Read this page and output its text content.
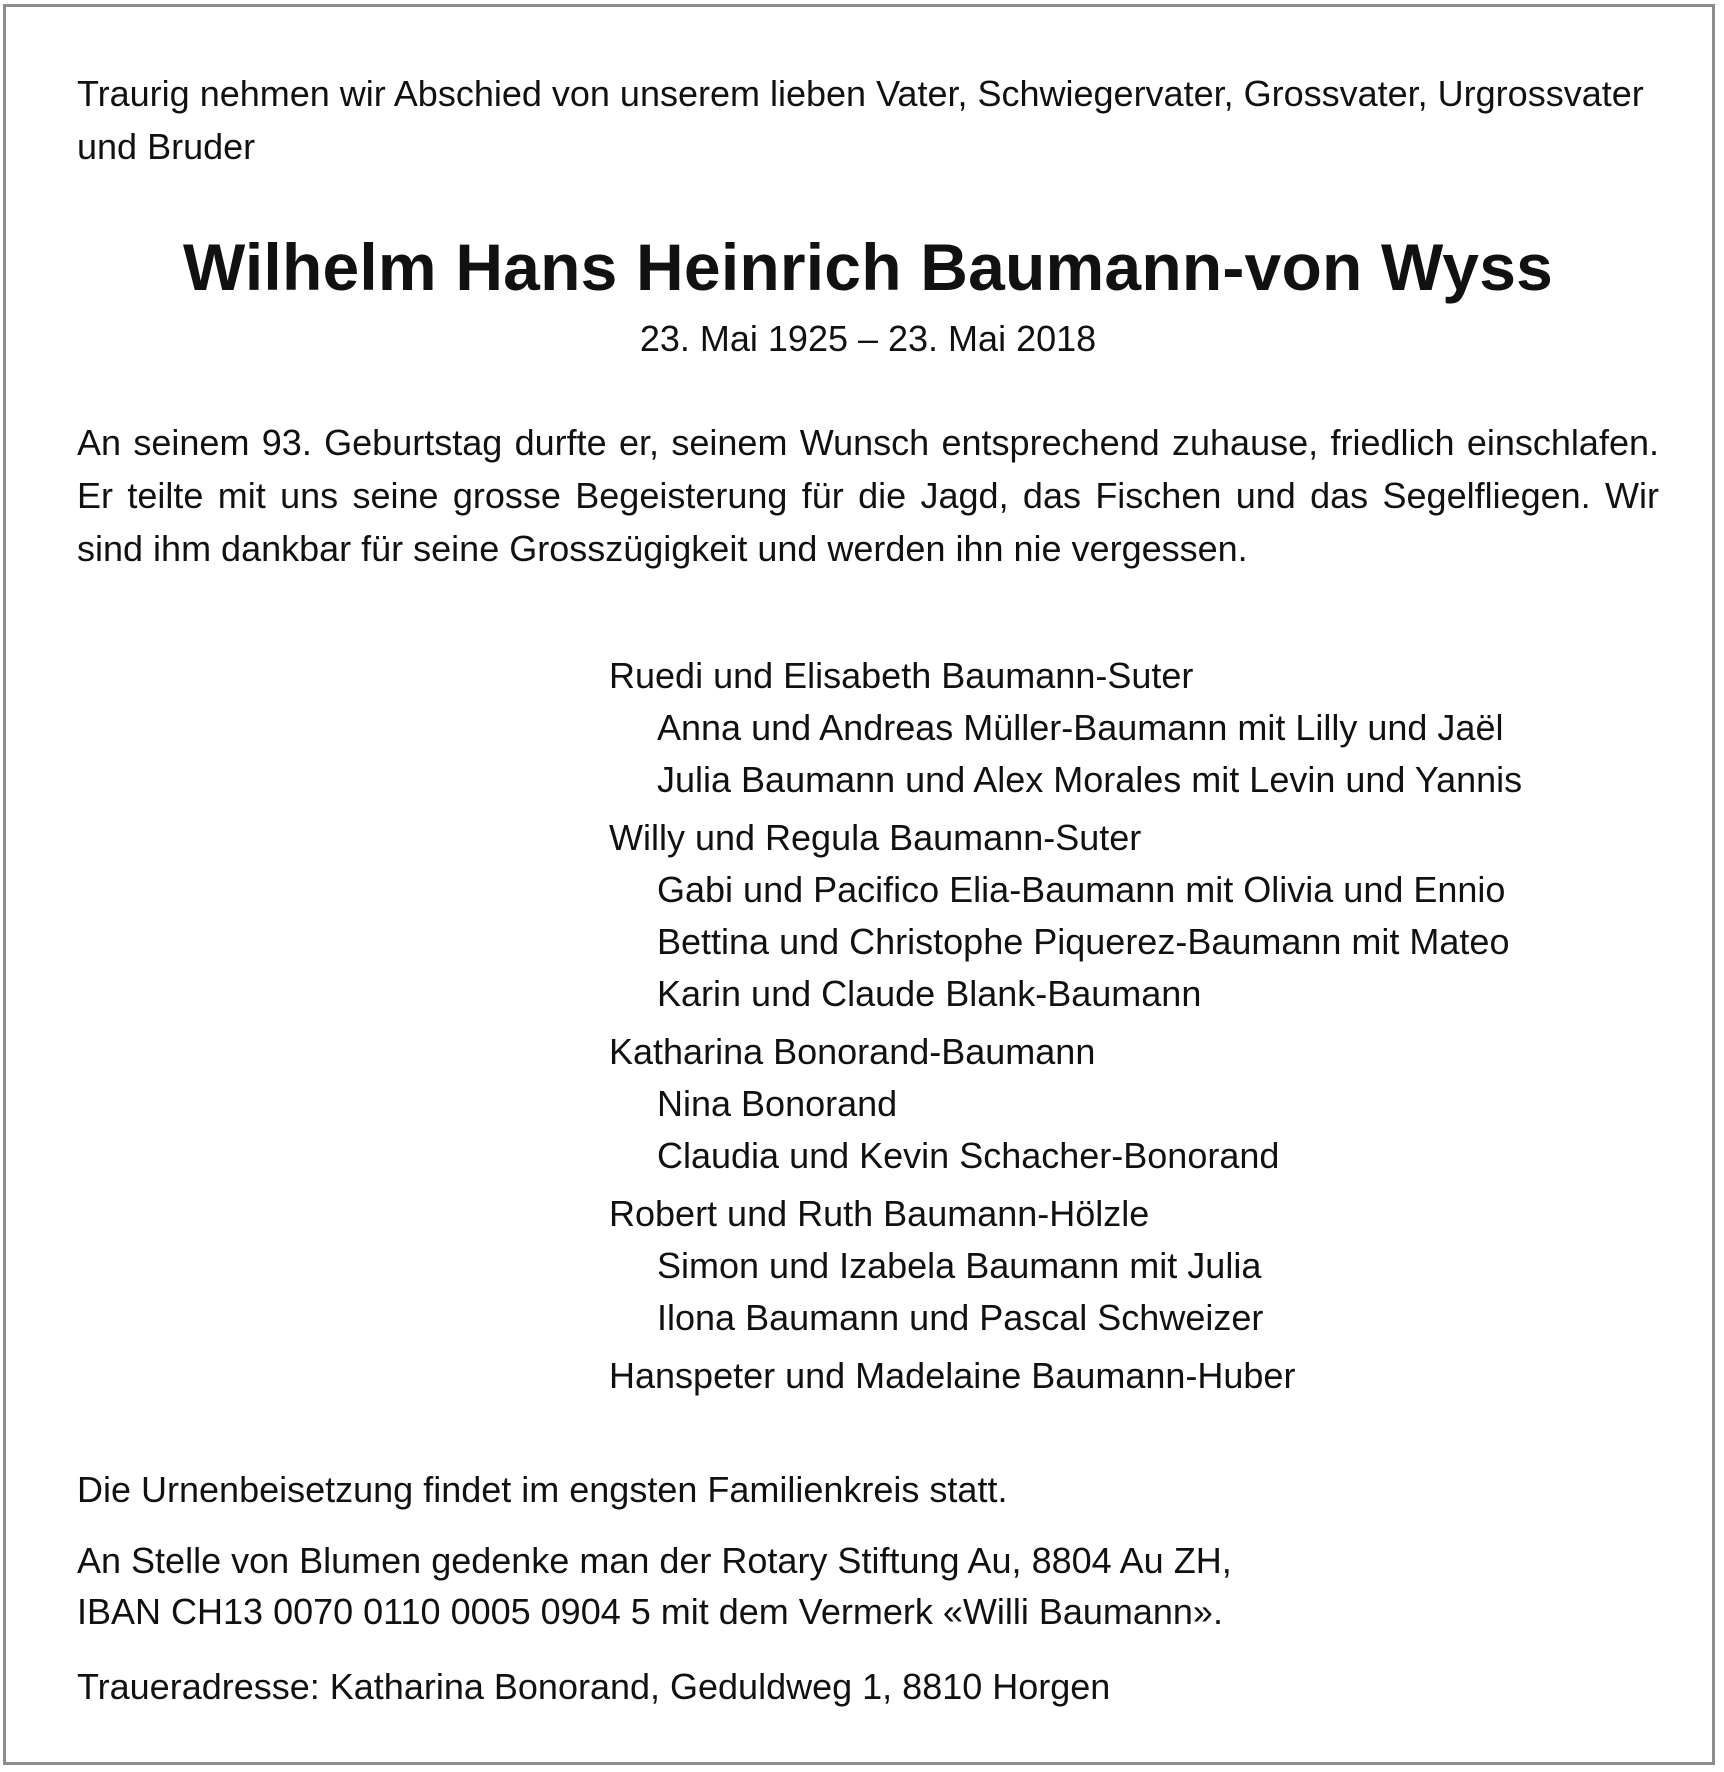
Traurig nehmen wir Abschied von unserem lieben Vater, Schwiegervater, Grossvater, Urgrossvater und Bruder

Wilhelm Hans Heinrich Baumann-von Wyss

23. Mai 1925 – 23. Mai 2018

An seinem 93. Geburtstag durfte er, seinem Wunsch entsprechend zuhause, friedlich einschlafen. Er teilte mit uns seine grosse Begeisterung für die Jagd, das Fischen und das Segelfliegen. Wir sind ihm dankbar für seine Grosszügigkeit und werden ihn nie vergessen.

Ruedi und Elisabeth Baumann-Suter
Anna und Andreas Müller-Baumann mit Lilly und Jaël
Julia Baumann und Alex Morales mit Levin und Yannis
Willy und Regula Baumann-Suter
Gabi und Pacifico Elia-Baumann mit Olivia und Ennio
Bettina und Christophe Piquerez-Baumann mit Mateo
Karin und Claude Blank-Baumann
Katharina Bonorand-Baumann
Nina Bonorand
Claudia und Kevin Schacher-Bonorand
Robert und Ruth Baumann-Hölzle
Simon und Izabela Baumann mit Julia
Ilona Baumann und Pascal Schweizer
Hanspeter und Madelaine Baumann-Huber

Die Urnenbeisetzung findet im engsten Familienkreis statt.

An Stelle von Blumen gedenke man der Rotary Stiftung Au, 8804 Au ZH,
IBAN CH13 0070 0110 0005 0904 5 mit dem Vermerk «Willi Baumann».

Traueradresse: Katharina Bonorand, Geduldweg 1, 8810 Horgen
